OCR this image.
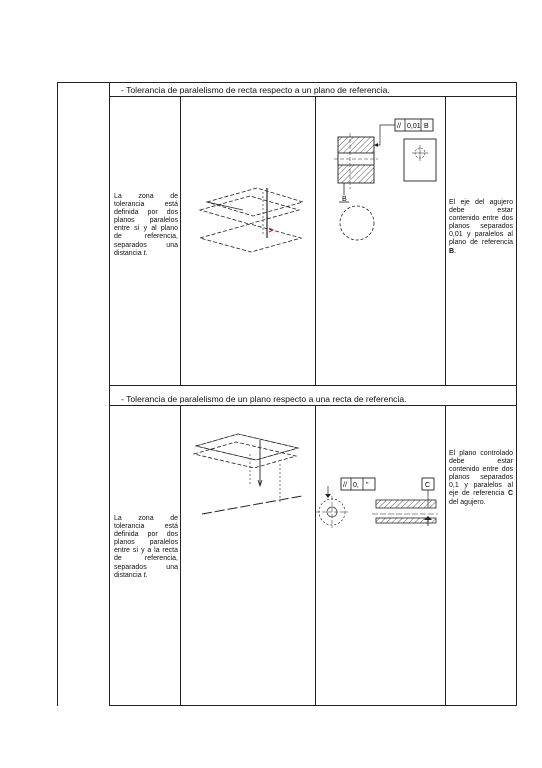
- Tolerancia de paralelismo de recta respecto a un plano de referencia.
La zona de tolerancia está definida por dos planos paralelos entre sí y al plano de referencia, separados una distancia t.
// 0,01 B
B	El eje del agujero debe estar contenido entre dos planos separados 0,01 y paralelos al plano de referencia B.
- Tolerancia de paralelismo de un plano respecto a una recta de referencia.
La zona de tolerancia está definida por dos planos paralelos entre sí y a la recta de referencia, separados una distancia t.
// 0, "	C
El plano controlado debe estar contenido entre dos planos separados 0,1 y paralelos al eje de referencia C del agujero.
